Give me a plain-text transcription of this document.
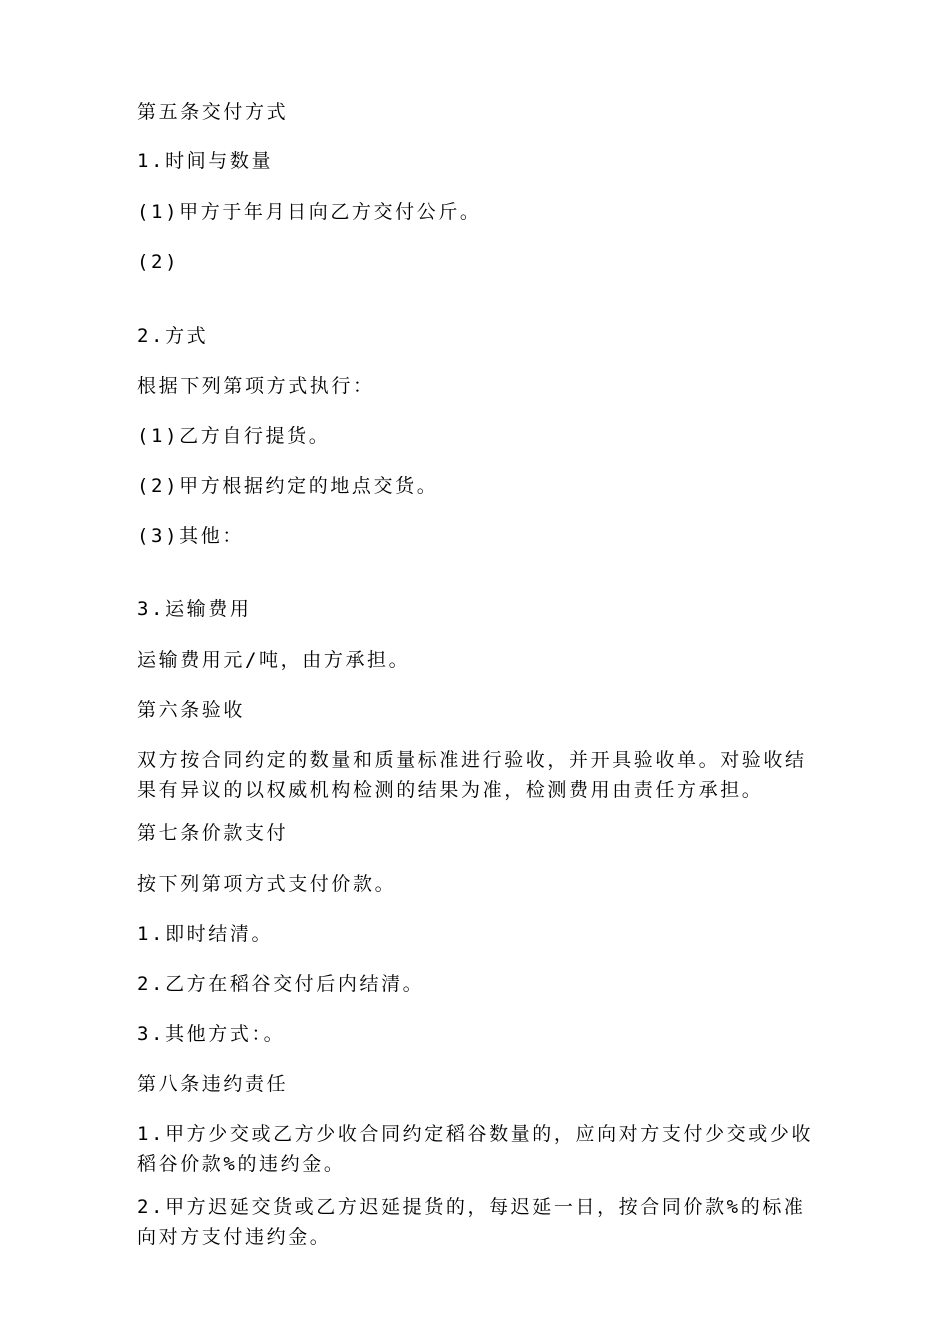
第五条交付方式

1.时间与数量

(1)甲方于年月日向乙方交付公斤。

(2)

2.方式

根据下列第项方式执行：

(1)乙方自行提货。

(2)甲方根据约定的地点交货。

(3)其他：

3.运输费用

运输费用元/吨，由方承担。

第六条验收

双方按合同约定的数量和质量标准进行验收，并开具验收单。对验收结果有异议的以权威机构检测的结果为准，检测费用由责任方承担。

第七条价款支付

按下列第项方式支付价款。

1.即时结清。

2.乙方在稻谷交付后内结清。

3.其他方式：。

第八条违约责任

1.甲方少交或乙方少收合同约定稻谷数量的，应向对方支付少交或少收稻谷价款%的违约金。

2.甲方迟延交货或乙方迟延提货的，每迟延一日，按合同价款%的标准向对方支付违约金。
